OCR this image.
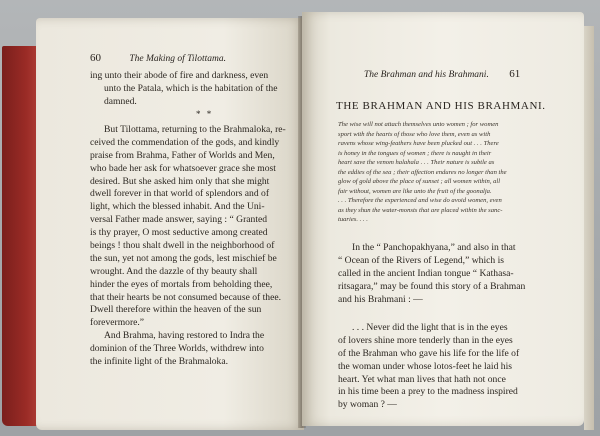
60	The Making of Tilottama.
ing unto their abode of fire and darkness, even
unto the Patala, which is the habitation of the
damned.
* *
But Tilottama, returning to the Brahmaloka, re-
ceived the commendation of the gods, and kindly
praise from Brahma, Father of Worlds and Men,
who bade her ask for whatsoever grace she most
desired. But she asked him only that she might
dwell forever in that world of splendors and of
light, which the blessed inhabit. And the Uni-
versal Father made answer, saying : “ Granted
is thy prayer, O most seductive among created
beings ! thou shalt dwell in the neighborhood of
the sun, yet not among the gods, lest mischief be
wrought. And the dazzle of thy beauty shall
hinder the eyes of mortals from beholding thee,
that their hearts be not consumed because of thee.
Dwell therefore within the heaven of the sun
forevermore.”
And Brahma, having restored to Indra the
dominion of the Three Worlds, withdrew into
the infinite light of the Brahmaloka.
The Brahman and his Brahmani. 61
THE BRAHMAN AND HIS BRAHMANI.
The wise will not attach themselves unto women ; for women
sport with the hearts of those who love them, even as with
ravens whose wing-feathers have been plucked out . . . There
is honey in the tongues of women ; there is naught in their
heart save the venom halahala . . . Their nature is subtle as
the eddies of the sea ; their affection endures no longer than the
glow of gold above the place of sunset ; all women within, all
fair without, women are like unto the fruit of the goonalja.
. . . Therefore the experienced and wise do avoid women, even
as they shun the water-monsts that are placed within the sanc-
tuaries. . . .
In the “ Panchopakhyana,” and also in that
“ Ocean of the Rivers of Legend,” which is
called in the ancient Indian tongue “ Kathasa-
ritsagara,” may be found this story of a Brahman
and his Brahmani : —
. . . Never did the light that is in the eyes
of lovers shine more tenderly than in the eyes
of the Brahman who gave his life for the life of
the woman under whose lotos-feet he laid his
heart. Yet what man lives that hath not once
in his time been a prey to the madness inspired
by woman ? —
